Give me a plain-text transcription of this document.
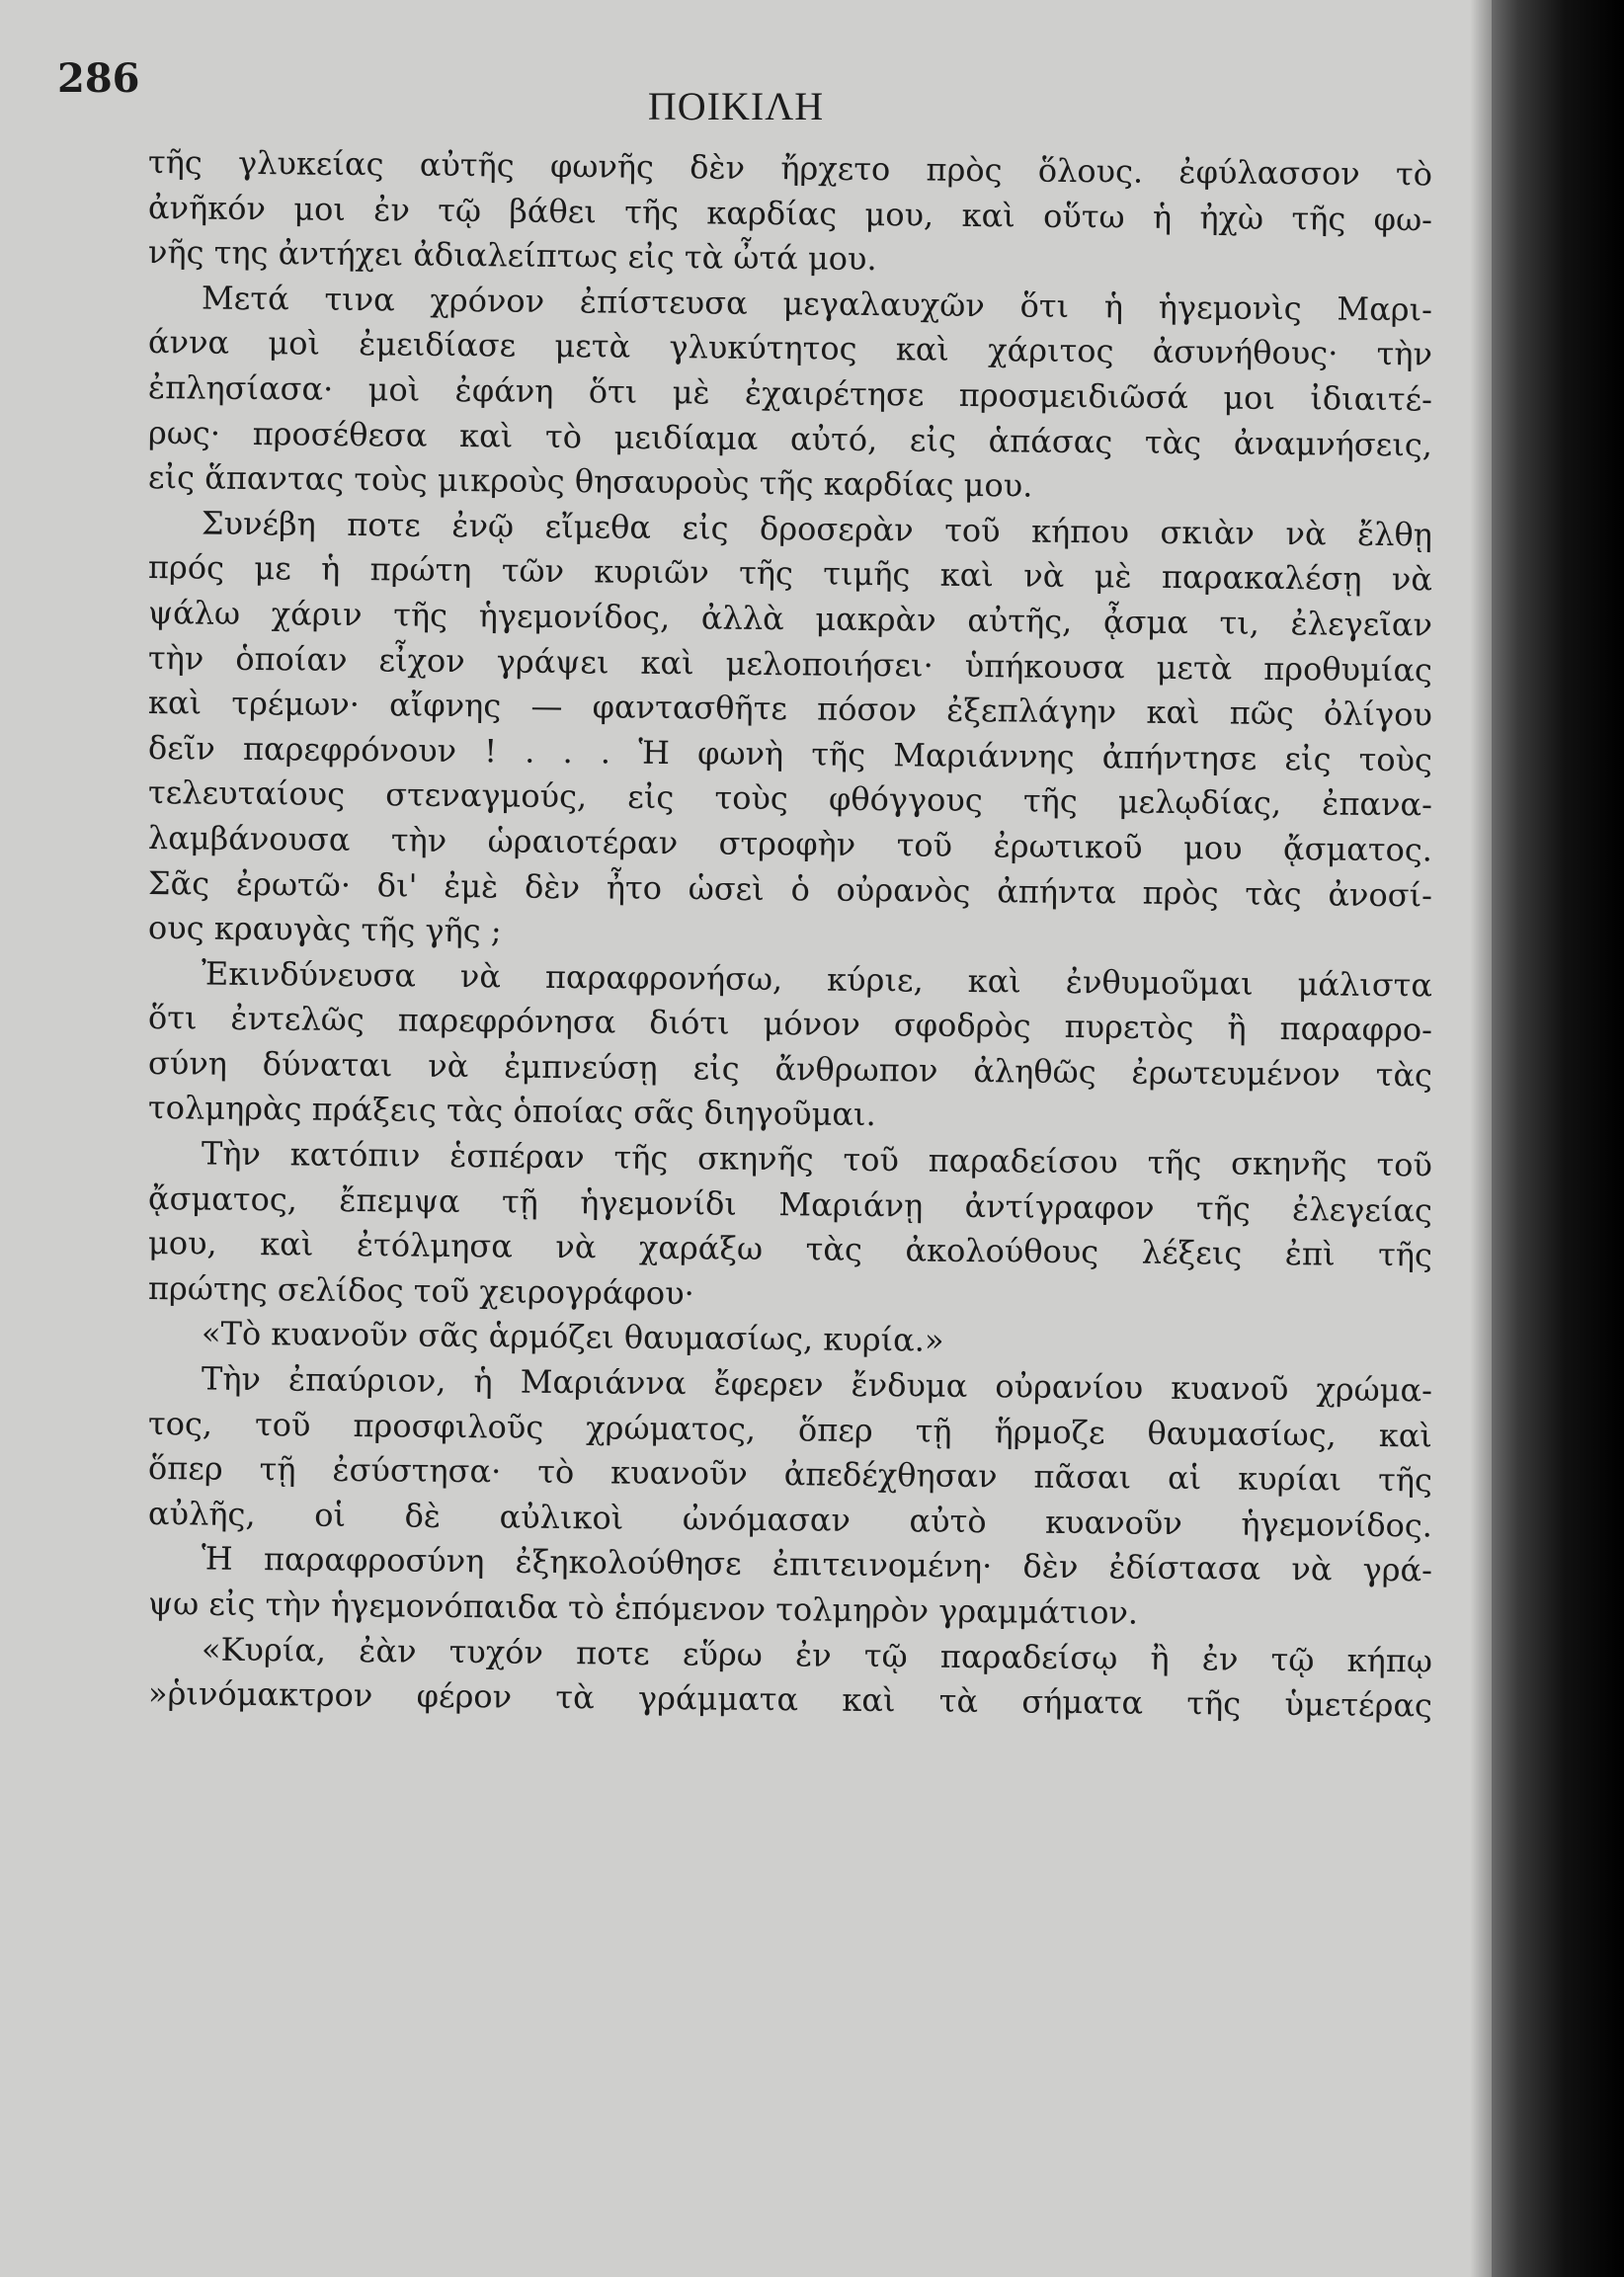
286
ΠΟΙΚΙΛΗ
τῆς γλυκείας αὐτῆς φωνῆς δὲν ἤρχετο πρὸς ὅλους. ἐφύλασσον τὸ
ἀνῆκόν μοι ἐν τῷ βάθει τῆς καρδίας μου, καὶ οὕτω ἡ ἠχὼ τῆς φω-
νῆς της ἀντήχει ἀδιαλείπτως εἰς τὰ ὦτά μου.
Μετά τινα χρόνον ἐπίστευσα μεγαλαυχῶν ὅτι ἡ ἡγεμονὶς Μαρι-
άννα μοὶ ἐμειδίασε μετὰ γλυκύτητος καὶ χάριτος ἀσυνήθους· τὴν
ἐπλησίασα· μοὶ ἐφάνη ὅτι μὲ ἐχαιρέτησε προσμειδιῶσά μοι ἰδιαιτέ-
ρως· προσέθεσα καὶ τὸ μειδίαμα αὐτό, εἰς ἁπάσας τὰς ἀναμνήσεις,
εἰς ἅπαντας τοὺς μικροὺς θησαυροὺς τῆς καρδίας μου.
Συνέβη ποτε ἐνῷ εἴμεθα εἰς δροσερὰν τοῦ κήπου σκιὰν νὰ ἔλθῃ
πρός με ἡ πρώτη τῶν κυριῶν τῆς τιμῆς καὶ νὰ μὲ παρακαλέσῃ νὰ
ψάλω χάριν τῆς ἡγεμονίδος, ἀλλὰ μακρὰν αὐτῆς, ᾆσμα τι, ἐλεγεῖαν
τὴν ὁποίαν εἶχον γράψει καὶ μελοποιήσει· ὑπήκουσα μετὰ προθυμίας
καὶ τρέμων· αἴφνης — φαντασθῆτε πόσον ἐξεπλάγην καὶ πῶς ὀλίγου
δεῖν παρεφρόνουν ! . . . Ἡ φωνὴ τῆς Μαριάννης ἀπήντησε εἰς τοὺς
τελευταίους στεναγμούς, εἰς τοὺς φθόγγους τῆς μελῳδίας, ἐπανα-
λαμβάνουσα τὴν ὡραιοτέραν στροφὴν τοῦ ἐρωτικοῦ μου ᾄσματος.
Σᾶς ἐρωτῶ· δι' ἐμὲ δὲν ἦτο ὡσεὶ ὁ οὐρανὸς ἀπήντα πρὸς τὰς ἀνοσί-
ους κραυγὰς τῆς γῆς ;
Ἐκινδύνευσα νὰ παραφρονήσω, κύριε, καὶ ἐνθυμοῦμαι μάλιστα
ὅτι ἐντελῶς παρεφρόνησα διότι μόνον σφοδρὸς πυρετὸς ἢ παραφρο-
σύνη δύναται νὰ ἐμπνεύσῃ εἰς ἄνθρωπον ἀληθῶς ἐρωτευμένον τὰς
τολμηρὰς πράξεις τὰς ὁποίας σᾶς διηγοῦμαι.
Τὴν κατόπιν ἑσπέραν τῆς σκηνῆς τοῦ παραδείσου τῆς σκηνῆς τοῦ
ᾄσματος, ἔπεμψα τῇ ἡγεμονίδι Μαριάνῃ ἀντίγραφον τῆς ἐλεγείας
μου, καὶ ἐτόλμησα νὰ χαράξω τὰς ἀκολούθους λέξεις ἐπὶ τῆς
πρώτης σελίδος τοῦ χειρογράφου·
«Τὸ κυανοῦν σᾶς ἁρμόζει θαυμασίως, κυρία.»
Τὴν ἐπαύριον, ἡ Μαριάννα ἔφερεν ἔνδυμα οὐρανίου κυανοῦ χρώμα-
τος, τοῦ προσφιλοῦς χρώματος, ὅπερ τῇ ἥρμοζε θαυμασίως, καὶ
ὅπερ τῇ ἐσύστησα· τὸ κυανοῦν ἀπεδέχθησαν πᾶσαι αἱ κυρίαι τῆς
αὐλῆς, οἱ δὲ αὐλικοὶ ὠνόμασαν αὐτὸ κυανοῦν ἡγεμονίδος.
Ἡ παραφροσύνη ἐξηκολούθησε ἐπιτεινομένη· δὲν ἐδίστασα νὰ γρά-
ψω εἰς τὴν ἡγεμονόπαιδα τὸ ἑπόμενον τολμηρὸν γραμμάτιον.
«Κυρία, ἐὰν τυχόν ποτε εὕρω ἐν τῷ παραδείσῳ ἢ ἐν τῷ κήπῳ
»ῥινόμακτρον φέρον τὰ γράμματα καὶ τὰ σήματα τῆς ὑμετέρας
